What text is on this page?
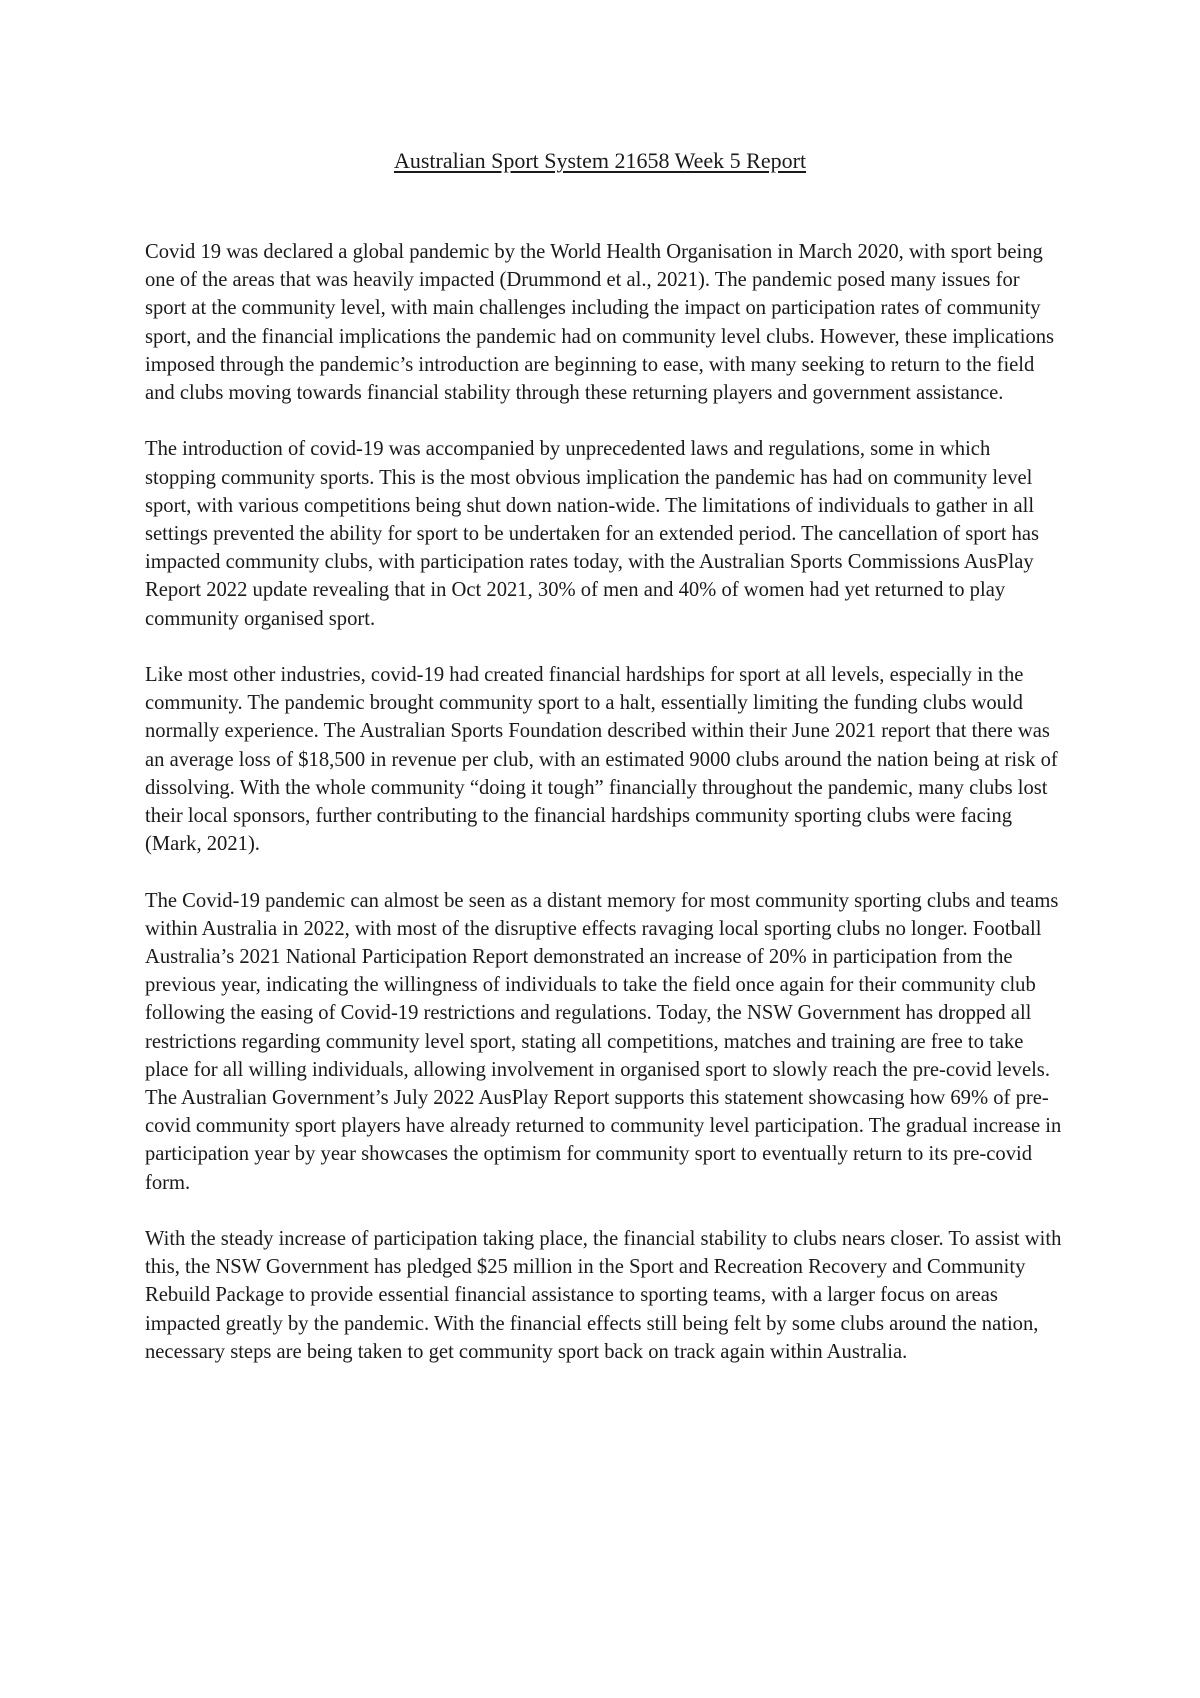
Australian Sport System 21658 Week 5 Report

Covid 19 was declared a global pandemic by the World Health Organisation in March 2020, with sport being one of the areas that was heavily impacted (Drummond et al., 2021). The pandemic posed many issues for sport at the community level, with main challenges including the impact on participation rates of community sport, and the financial implications the pandemic had on community level clubs. However, these implications imposed through the pandemic’s introduction are beginning to ease, with many seeking to return to the field and clubs moving towards financial stability through these returning players and government assistance.

The introduction of covid-19 was accompanied by unprecedented laws and regulations, some in which stopping community sports. This is the most obvious implication the pandemic has had on community level sport, with various competitions being shut down nation-wide. The limitations of individuals to gather in all settings prevented the ability for sport to be undertaken for an extended period. The cancellation of sport has impacted community clubs, with participation rates today, with the Australian Sports Commissions AusPlay Report 2022 update revealing that in Oct 2021, 30% of men and 40% of women had yet returned to play community organised sport.

Like most other industries, covid-19 had created financial hardships for sport at all levels, especially in the community. The pandemic brought community sport to a halt, essentially limiting the funding clubs would normally experience. The Australian Sports Foundation described within their June 2021 report that there was an average loss of $18,500 in revenue per club, with an estimated 9000 clubs around the nation being at risk of dissolving. With the whole community “doing it tough” financially throughout the pandemic, many clubs lost their local sponsors, further contributing to the financial hardships community sporting clubs were facing (Mark, 2021).

The Covid-19 pandemic can almost be seen as a distant memory for most community sporting clubs and teams within Australia in 2022, with most of the disruptive effects ravaging local sporting clubs no longer. Football Australia’s 2021 National Participation Report demonstrated an increase of 20% in participation from the previous year, indicating the willingness of individuals to take the field once again for their community club following the easing of Covid-19 restrictions and regulations. Today, the NSW Government has dropped all restrictions regarding community level sport, stating all competitions, matches and training are free to take place for all willing individuals, allowing involvement in organised sport to slowly reach the pre-covid levels. The Australian Government’s July 2022 AusPlay Report supports this statement showcasing how 69% of pre-covid community sport players have already returned to community level participation. The gradual increase in participation year by year showcases the optimism for community sport to eventually return to its pre-covid form.

With the steady increase of participation taking place, the financial stability to clubs nears closer. To assist with this, the NSW Government has pledged $25 million in the Sport and Recreation Recovery and Community Rebuild Package to provide essential financial assistance to sporting teams, with a larger focus on areas impacted greatly by the pandemic. With the financial effects still being felt by some clubs around the nation, necessary steps are being taken to get community sport back on track again within Australia.
